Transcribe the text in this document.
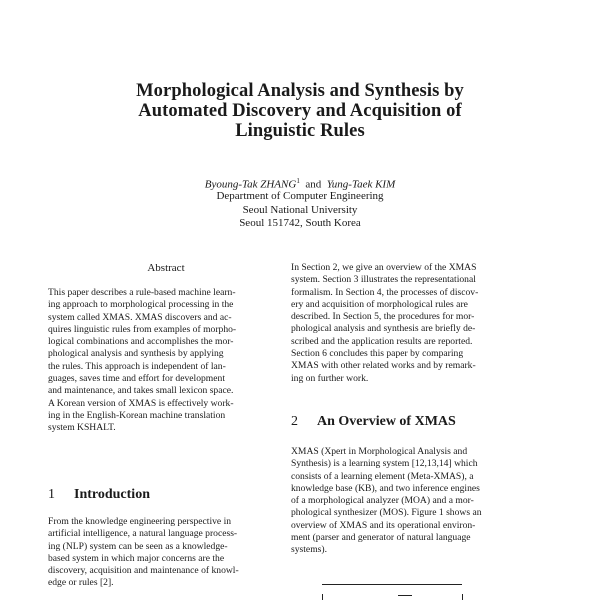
Morphological Analysis and Synthesis by
Automated Discovery and Acquisition of
Linguistic Rules
Byoung-Tak ZHANG$^1$ and Yung-Taek KIM
Department of Computer Engineering
Seoul National University
Seoul 151742, South Korea
Abstract
This paper describes a rule-based machine learn-
ing approach to morphological processing in the
system called XMAS. XMAS discovers and ac-
quires linguistic rules from examples of morpho-
logical combinations and accomplishes the mor-
phological analysis and synthesis by applying
the rules. This approach is independent of lan-
guages, saves time and effort for development
and maintenance, and takes small lexicon space.
A Korean version of XMAS is effectively work-
ing in the English-Korean machine translation
system KSHALT.
1 Introduction
From the knowledge engineering perspective in
artificial intelligence, a natural language process-
ing (NLP) system can be seen as a knowledge-
based system in which major concerns are the
discovery, acquisition and maintenance of knowl-
edge or rules [2].
In Section 2, we give an overview of the XMAS
system. Section 3 illustrates the representational
formalism. In Section 4, the processes of discov-
ery and acquisition of morphological rules are
described. In Section 5, the procedures for mor-
phological analysis and synthesis are briefly de-
scribed and the application results are reported.
Section 6 concludes this paper by comparing
XMAS with other related works and by remark-
ing on further work.
2 An Overview of XMAS
XMAS (Xpert in Morphological Analysis and
Synthesis) is a learning system [12,13,14] which
consists of a learning element (Meta-XMAS), a
knowledge base (KB), and two inference engines
of a morphological analyzer (MOA) and a mor-
phological synthesizer (MOS). Figure 1 shows an
overview of XMAS and its operational environ-
ment (parser and generator of natural language
systems).
